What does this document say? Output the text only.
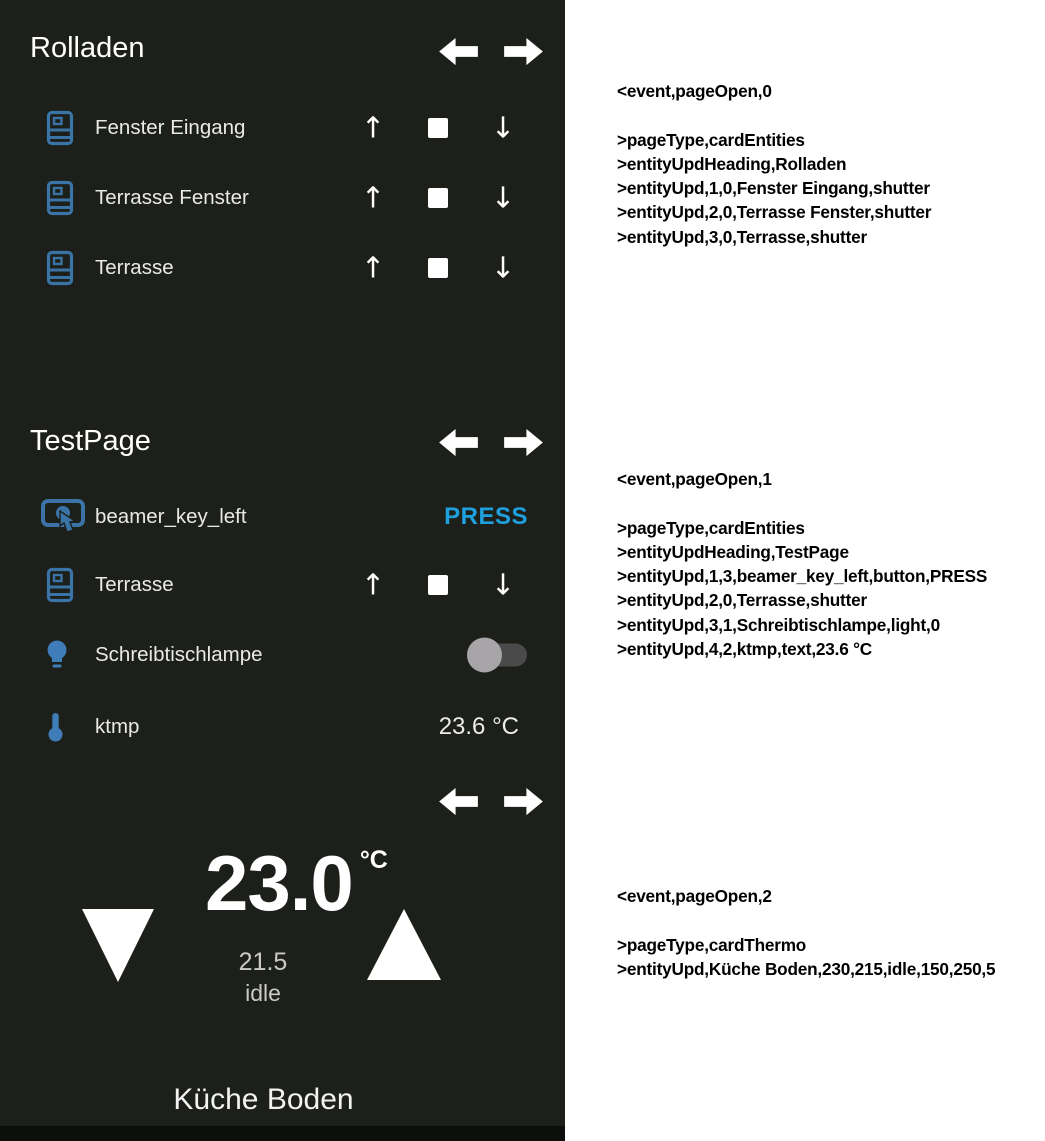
Rolladen
Fenster Eingang	↑	↓
Terrasse Fenster	↑	↓
Terrasse	↑	↓
TestPage
beamer_key_left	PRESS
Terrasse	↑	↓
Schreibtischlampe
ktmp	23.6 °C
23.0 °C
21.5
idle
Küche Boden
<event,pageOpen,0

>pageType,cardEntities
>entityUpdHeading,Rolladen
>entityUpd,1,0,Fenster Eingang,shutter
>entityUpd,2,0,Terrasse Fenster,shutter
>entityUpd,3,0,Terrasse,shutter
<event,pageOpen,1

>pageType,cardEntities
>entityUpdHeading,TestPage
>entityUpd,1,3,beamer_key_left,button,PRESS
>entityUpd,2,0,Terrasse,shutter
>entityUpd,3,1,Schreibtischlampe,light,0
>entityUpd,4,2,ktmp,text,23.6 °C
<event,pageOpen,2

>pageType,cardThermo
>entityUpd,Küche Boden,230,215,idle,150,250,5
